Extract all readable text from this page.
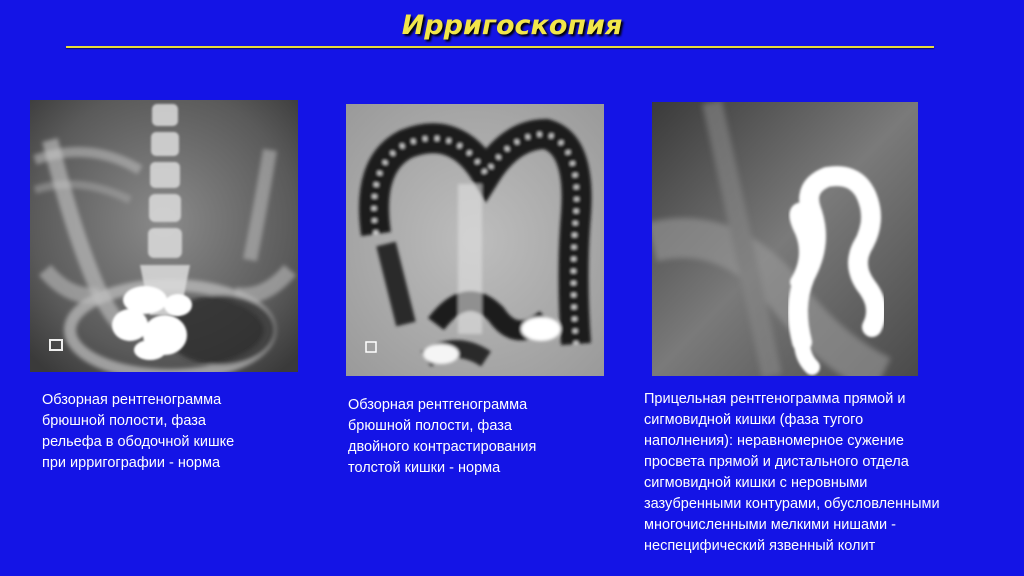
Ирригоскопия
Обзорная рентгенограмма
брюшной полости, фаза
рельефа в ободочной кишке
при ирригографии - норма
Обзорная рентгенограмма
брюшной полости, фаза
двойного контрастирования
толстой кишки - норма
Прицельная рентгенограмма прямой и
сигмовидной кишки (фаза тугого
наполнения): неравномерное сужение
просвета прямой и дистального отдела
сигмовидной кишки с неровными
зазубренными контурами, обусловленными
многочисленными мелкими нишами -
неспецифический язвенный колит
